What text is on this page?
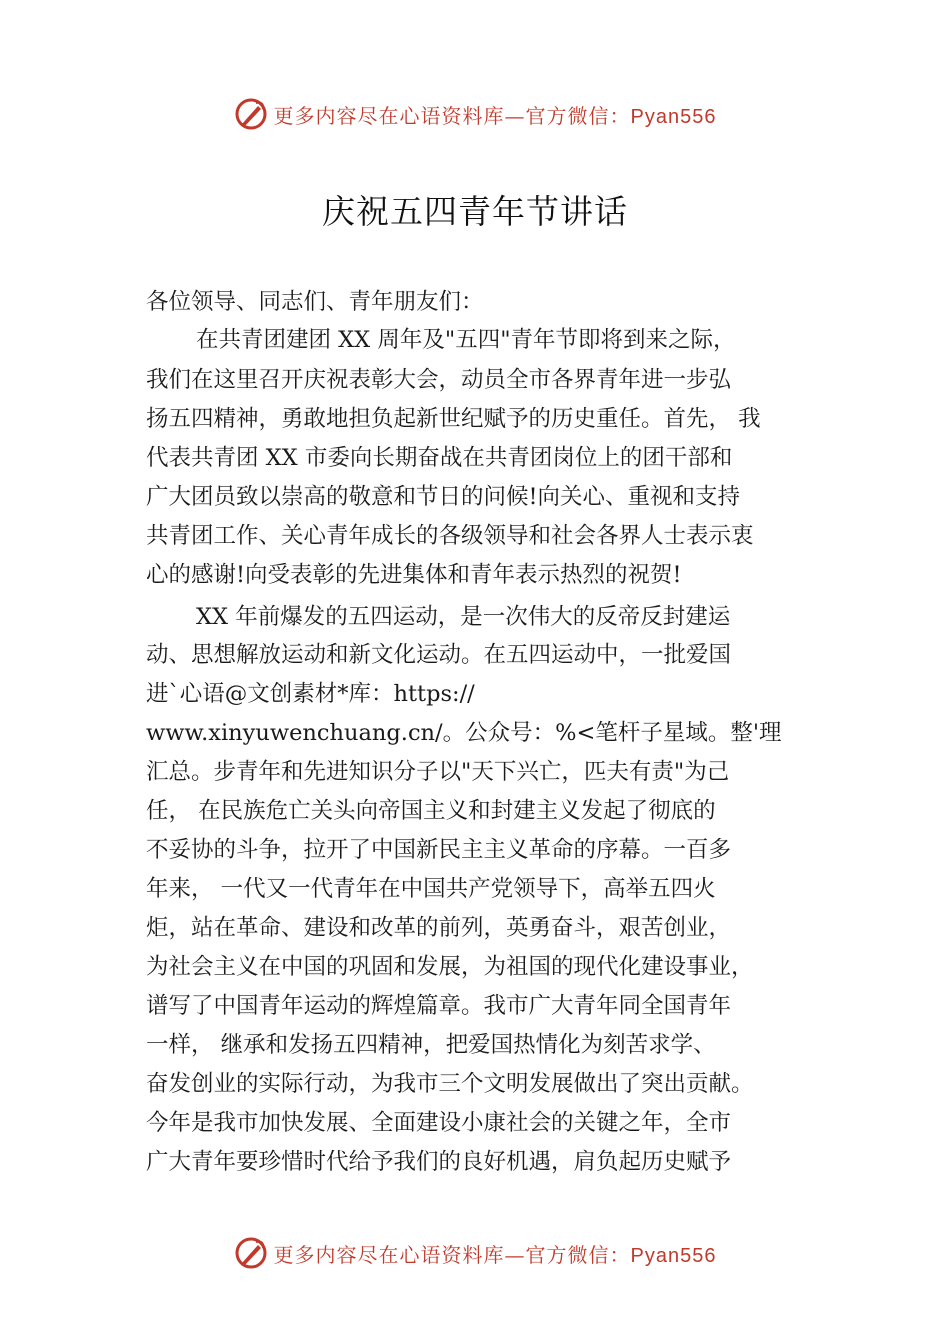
更多内容尽在心语资料库—官方微信：Pyan556
庆祝五四青年节讲话
各位领导、同志们、青年朋友们：
在共青团建团 XX 周年及"五四"青年节即将到来之际，
我们在这里召开庆祝表彰大会，动员全市各界青年进一步弘
扬五四精神，勇敢地担负起新世纪赋予的历史重任。首先， 我
代表共青团 XX 市委向长期奋战在共青团岗位上的团干部和
广大团员致以崇高的敬意和节日的问候!向关心、重视和支持
共青团工作、关心青年成长的各级领导和社会各界人士表示衷
心的感谢!向受表彰的先进集体和青年表示热烈的祝贺!
XX 年前爆发的五四运动，是一次伟大的反帝反封建运
动、思想解放运动和新文化运动。在五四运动中，一批爱国
进`心语@文创素材*库：https://
www.xinyuwenchuang.cn/。公众号：%<笔杆子星域。整'理
汇总。步青年和先进知识分子以"天下兴亡，匹夫有责"为己
任， 在民族危亡关头向帝国主义和封建主义发起了彻底的
不妥协的斗争，拉开了中国新民主主义革命的序幕。一百多
年来， 一代又一代青年在中国共产党领导下，高举五四火
炬，站在革命、建设和改革的前列，英勇奋斗，艰苦创业，
为社会主义在中国的巩固和发展，为祖国的现代化建设事业，
谱写了中国青年运动的辉煌篇章。我市广大青年同全国青年
一样， 继承和发扬五四精神，把爱国热情化为刻苦求学、
奋发创业的实际行动，为我市三个文明发展做出了突出贡献。
今年是我市加快发展、全面建设小康社会的关键之年，全市
广大青年要珍惜时代给予我们的良好机遇，肩负起历史赋予
更多内容尽在心语资料库—官方微信：Pyan556
